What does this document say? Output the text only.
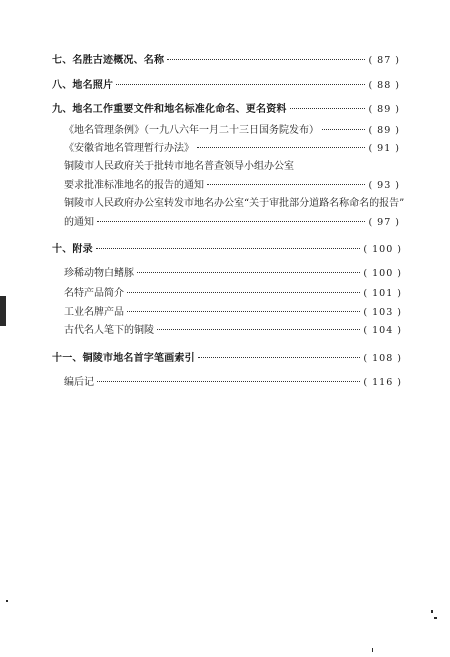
七、名胜古迹概况、名称	( 87 )
八、地名照片	( 88 )
九、地名工作重要文件和地名标准化命名、更名资料	( 89 )
《地名管理条例》（一九八六年一月二十三日国务院发布）	( 89 )
《安徽省地名管理暂行办法》	( 91 )
铜陵市人民政府关于批转市地名普查领导小组办公室
要求批准标准地名的报告的通知	( 93 )
铜陵市人民政府办公室转发市地名办公室“关于审批部分道路名称命名的报告”
的通知	( 97 )
十、附录	( 100 )
珍稀动物白鳍豚	( 100 )
名特产品简介	( 101 )
工业名牌产品	( 103 )
古代名人笔下的铜陵	( 104 )
十一、铜陵市地名首字笔画索引	( 108 )
编后记	( 116 )
